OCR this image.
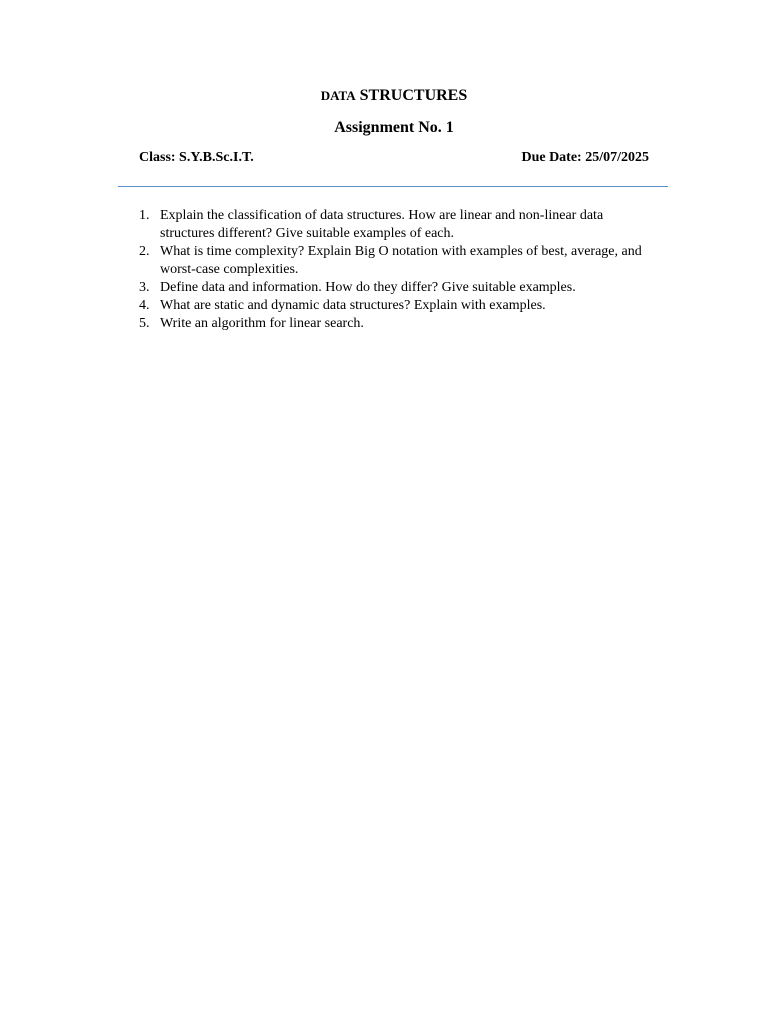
DATA STRUCTURES
Assignment No. 1
Class: S.Y.B.Sc.I.T.	Due Date: 25/07/2025
1. Explain the classification of data structures. How are linear and non-linear data structures different? Give suitable examples of each.
2. What is time complexity? Explain Big O notation with examples of best, average, and worst-case complexities.
3. Define data and information. How do they differ? Give suitable examples.
4. What are static and dynamic data structures? Explain with examples.
5. Write an algorithm for linear search.
